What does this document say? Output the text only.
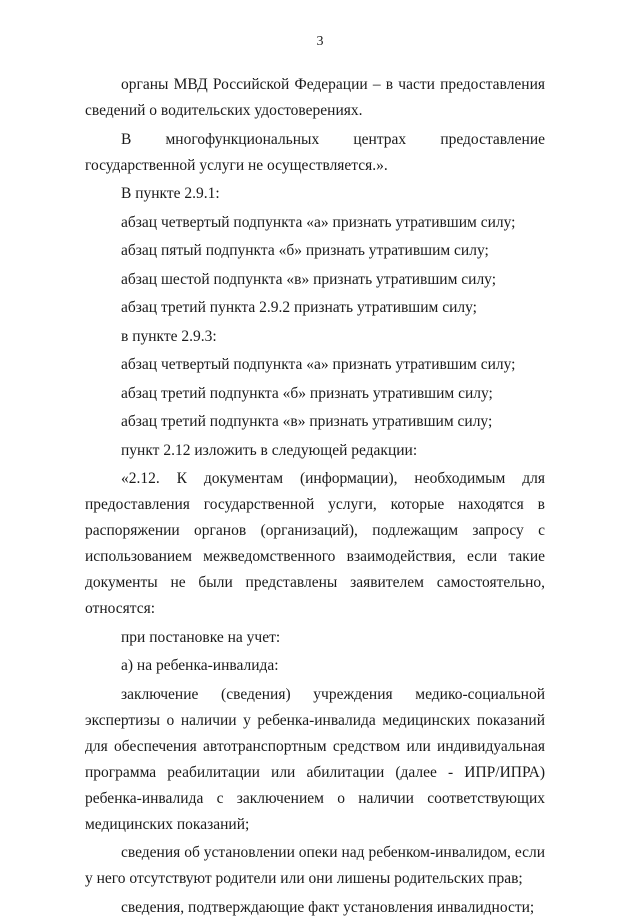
3

органы МВД Российской Федерации – в части предоставления сведений о водительских удостоверениях.

В многофункциональных центрах предоставление государственной услуги не осуществляется.».

В пункте 2.9.1:

абзац четвертый подпункта «а» признать утратившим силу;

абзац пятый подпункта «б» признать утратившим силу;

абзац шестой подпункта «в» признать утратившим силу;

абзац третий пункта 2.9.2 признать утратившим силу;

в пункте 2.9.3:

абзац четвертый подпункта «а» признать утратившим силу;

абзац третий подпункта «б» признать утратившим силу;

абзац третий подпункта «в» признать утратившим силу;

пункт 2.12 изложить в следующей редакции:

«2.12. К документам (информации), необходимым для предоставления государственной услуги, которые находятся в распоряжении органов (организаций), подлежащим запросу с использованием межведомственного взаимодействия, если такие документы не были представлены заявителем самостоятельно, относятся:

при постановке на учет:

а) на ребенка-инвалида:

заключение (сведения) учреждения медико-социальной экспертизы о наличии у ребенка-инвалида медицинских показаний для обеспечения автотранспортным средством или индивидуальная программа реабилитации или абилитации (далее - ИПР/ИПРА) ребенка-инвалида с заключением о наличии соответствующих медицинских показаний;

сведения об установлении опеки над ребенком-инвалидом, если у него отсутствуют родители или они лишены родительских прав;

сведения, подтверждающие факт установления инвалидности;
